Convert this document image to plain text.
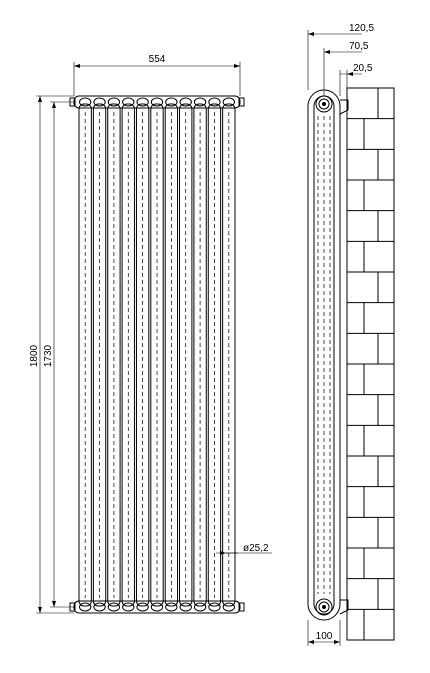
554
1800 1730
ø25,2
120,5
70,5
20,5
100
